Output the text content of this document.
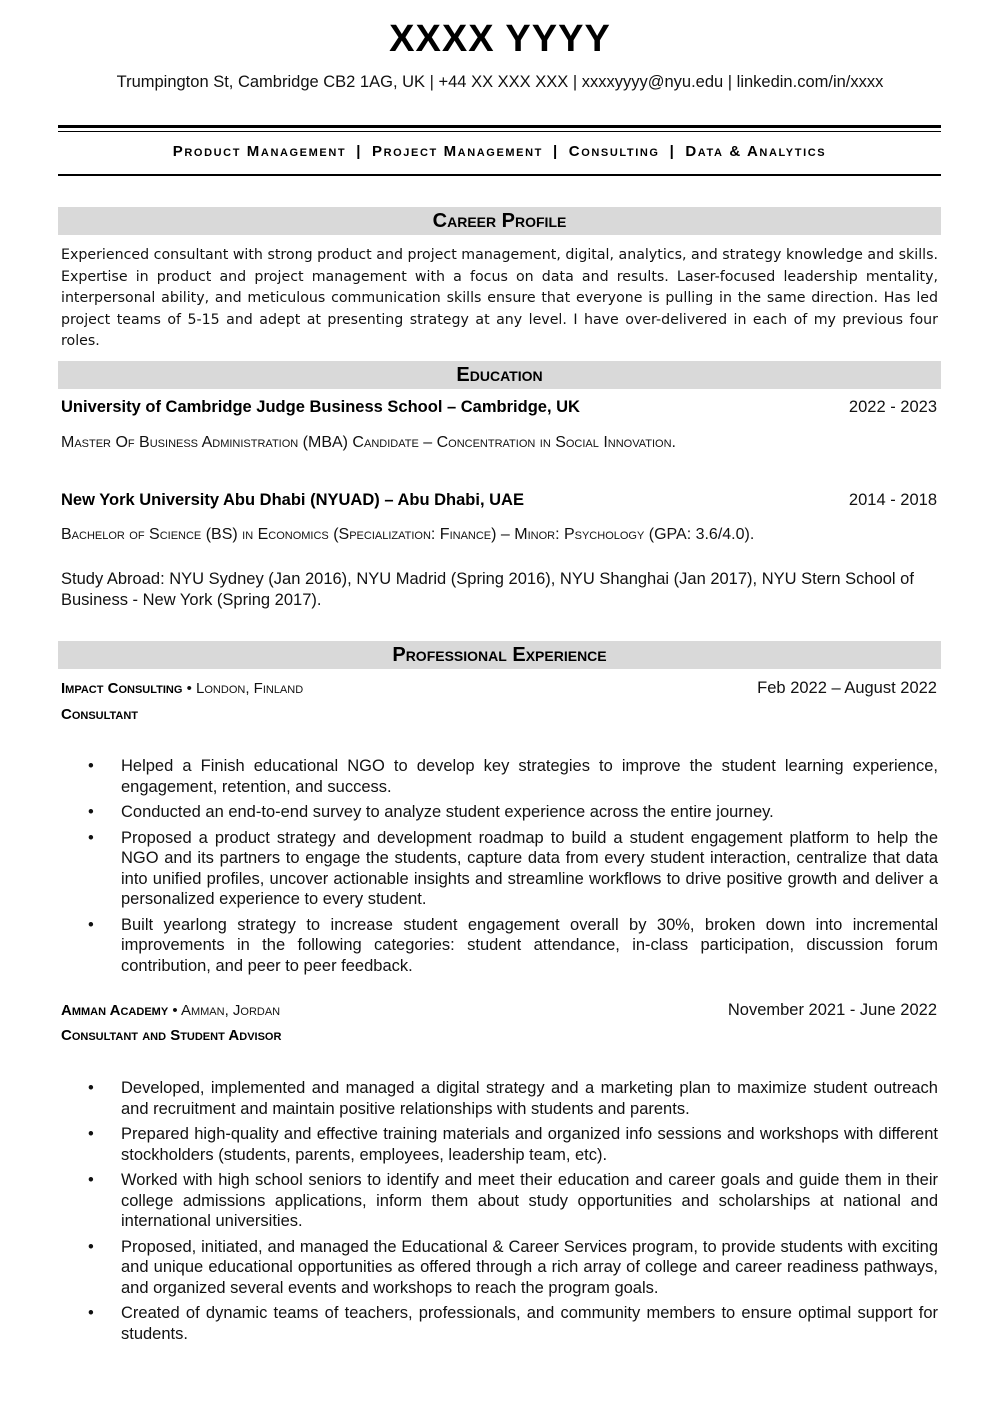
XXXX YYYY
Trumpington St, Cambridge CB2 1AG, UK | +44 XX XXX XXX | xxxxyyyy@nyu.edu | linkedin.com/in/xxxx
Product Management | Project Management | Consulting | Data & Analytics
Career Profile
Experienced consultant with strong product and project management, digital, analytics, and strategy knowledge and skills. Expertise in product and project management with a focus on data and results. Laser-focused leadership mentality, interpersonal ability, and meticulous communication skills ensure that everyone is pulling in the same direction. Has led project teams of 5-15 and adept at presenting strategy at any level. I have over-delivered in each of my previous four roles.
Education
University of Cambridge Judge Business School – Cambridge, UK	2022 - 2023
Master Of Business Administration (MBA) Candidate – Concentration in Social Innovation.
New York University Abu Dhabi (NYUAD) – Abu Dhabi, UAE	2014 - 2018
Bachelor of Science (BS) in Economics (Specialization: Finance) – Minor: Psychology (GPA: 3.6/4.0).
Study Abroad: NYU Sydney (Jan 2016), NYU Madrid (Spring 2016), NYU Shanghai (Jan 2017), NYU Stern School of Business - New York (Spring 2017).
Professional Experience
Impact Consulting • London, Finland	Feb 2022 – August 2022
Consultant
• Helped a Finish educational NGO to develop key strategies to improve the student learning experience, engagement, retention, and success.
• Conducted an end-to-end survey to analyze student experience across the entire journey.
• Proposed a product strategy and development roadmap to build a student engagement platform to help the NGO and its partners to engage the students, capture data from every student interaction, centralize that data into unified profiles, uncover actionable insights and streamline workflows to drive positive growth and deliver a personalized experience to every student.
• Built yearlong strategy to increase student engagement overall by 30%, broken down into incremental improvements in the following categories: student attendance, in-class participation, discussion forum contribution, and peer to peer feedback.
Amman Academy • Amman, Jordan	November 2021 - June 2022
Consultant and Student Advisor
• Developed, implemented and managed a digital strategy and a marketing plan to maximize student outreach and recruitment and maintain positive relationships with students and parents.
• Prepared high-quality and effective training materials and organized info sessions and workshops with different stockholders (students, parents, employees, leadership team, etc).
• Worked with high school seniors to identify and meet their education and career goals and guide them in their college admissions applications, inform them about study opportunities and scholarships at national and international universities.
• Proposed, initiated, and managed the Educational & Career Services program, to provide students with exciting and unique educational opportunities as offered through a rich array of college and career readiness pathways, and organized several events and workshops to reach the program goals.
• Created of dynamic teams of teachers, professionals, and community members to ensure optimal support for students.
